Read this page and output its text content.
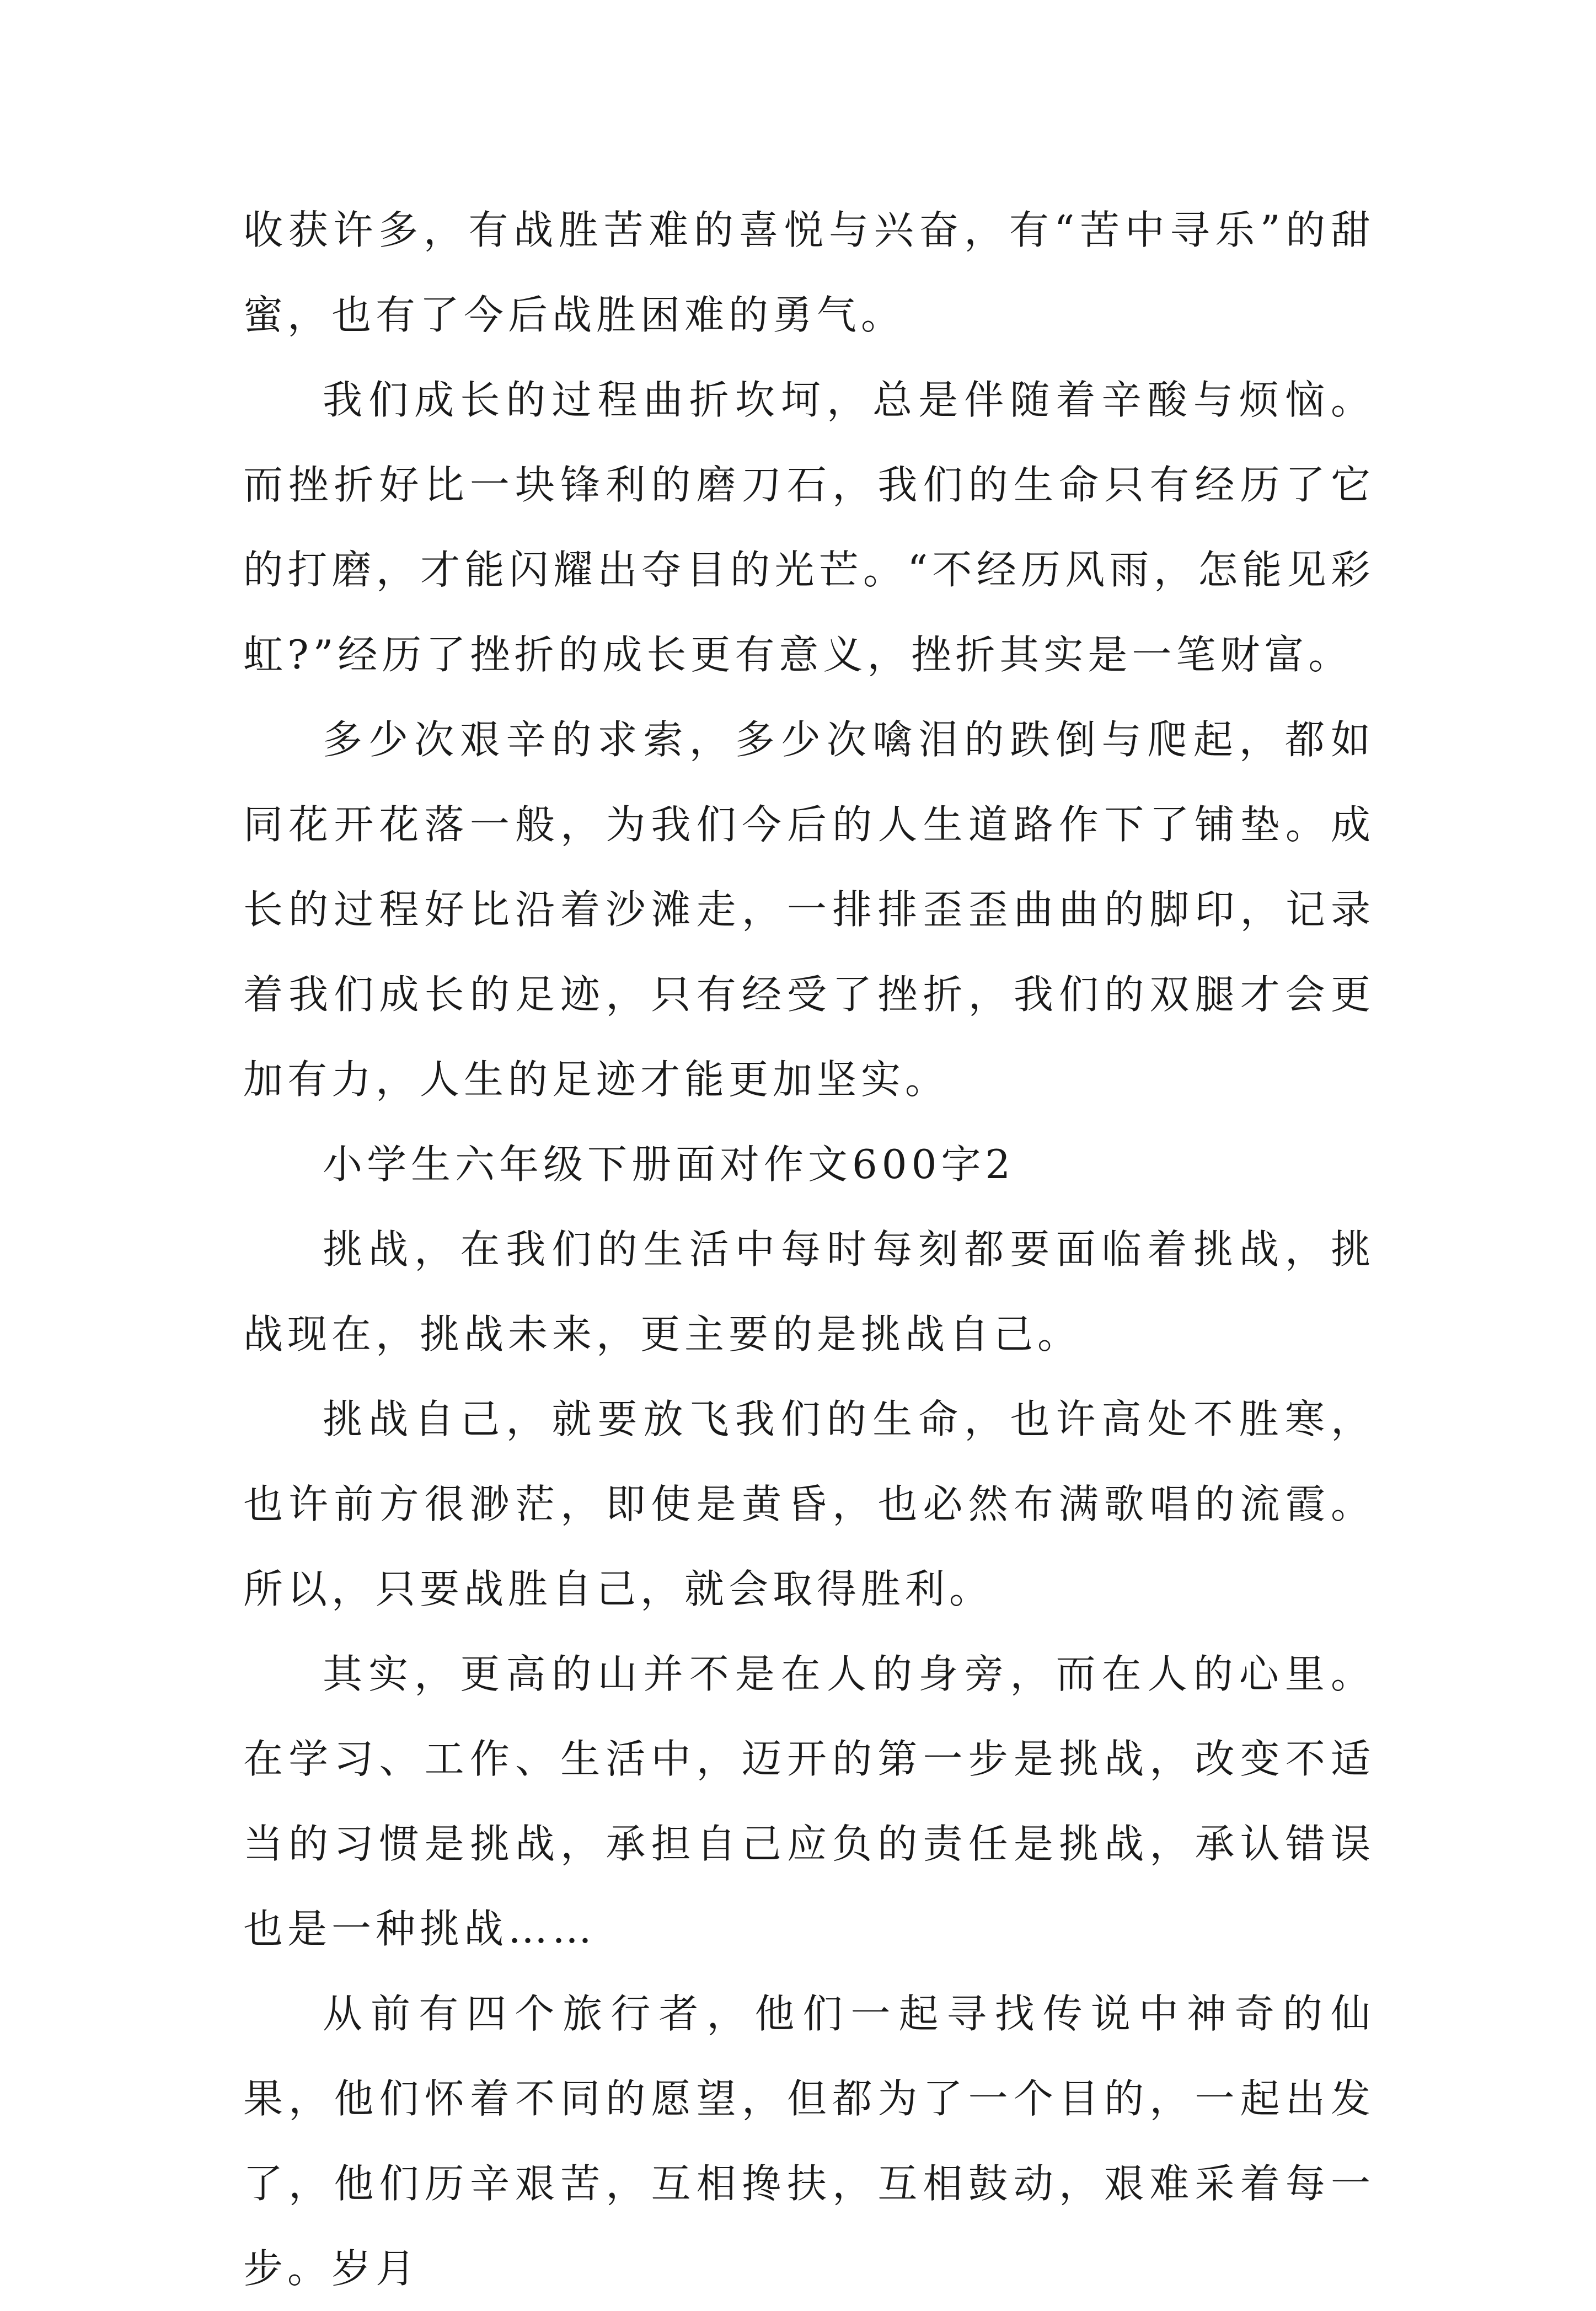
收获许多，有战胜苦难的喜悦与兴奋，有“苦中寻乐”的甜蜜，也有了今后战胜困难的勇气。

我们成长的过程曲折坎坷，总是伴随着辛酸与烦恼。而挫折好比一块锋利的磨刀石，我们的生命只有经历了它的打磨，才能闪耀出夺目的光芒。“不经历风雨，怎能见彩虹?”经历了挫折的成长更有意义，挫折其实是一笔财富。

多少次艰辛的求索，多少次噙泪的跌倒与爬起，都如同花开花落一般，为我们今后的人生道路作下了铺垫。成长的过程好比沿着沙滩走，一排排歪歪曲曲的脚印，记录着我们成长的足迹，只有经受了挫折，我们的双腿才会更加有力，人生的足迹才能更加坚实。

小学生六年级下册面对作文600字2

挑战，在我们的生活中每时每刻都要面临着挑战，挑战现在，挑战未来，更主要的是挑战自己。

挑战自己，就要放飞我们的生命，也许高处不胜寒，也许前方很渺茫，即使是黄昏，也必然布满歌唱的流霞。所以，只要战胜自己，就会取得胜利。

其实，更高的山并不是在人的身旁，而在人的心里。在学习、工作、生活中，迈开的第一步是挑战，改变不适当的习惯是挑战，承担自己应负的责任是挑战，承认错误也是一种挑战……

从前有四个旅行者，他们一起寻找传说中神奇的仙果，他们怀着不同的愿望，但都为了一个目的，一起出发了，他们历辛艰苦，互相搀扶，互相鼓动，艰难采着每一步。岁月
